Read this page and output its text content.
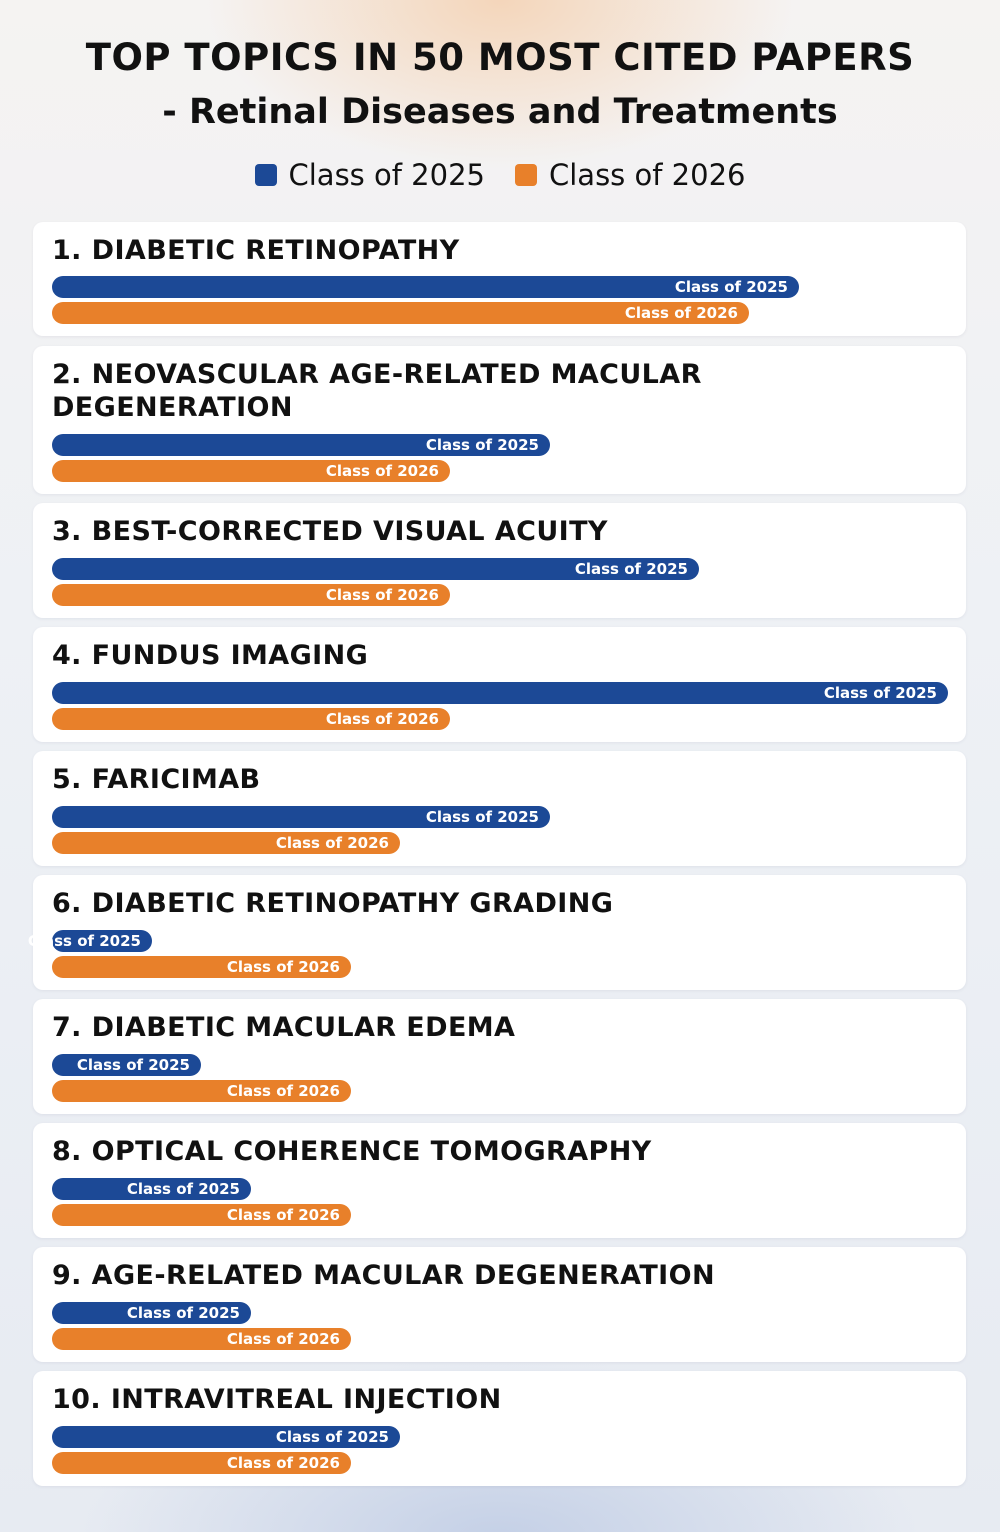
TOP TOPICS IN 50 MOST CITED PAPERS
- Retinal Diseases and Treatments
Class of 2025 Class of 2026
1. DIABETIC RETINOPATHY
Class of 2025
Class of 2026
2. NEOVASCULAR AGE-RELATED MACULAR DEGENERATION
Class of 2025
Class of 2026
3. BEST-CORRECTED VISUAL ACUITY
Class of 2025
Class of 2026
4. FUNDUS IMAGING
Class of 2025
Class of 2026
5. FARICIMAB
Class of 2025
Class of 2026
6. DIABETIC RETINOPATHY GRADING
Class of 2025
Class of 2026
7. DIABETIC MACULAR EDEMA
Class of 2025
Class of 2026
8. OPTICAL COHERENCE TOMOGRAPHY
Class of 2025
Class of 2026
9. AGE-RELATED MACULAR DEGENERATION
Class of 2025
Class of 2026
10. INTRAVITREAL INJECTION
Class of 2025
Class of 2026
